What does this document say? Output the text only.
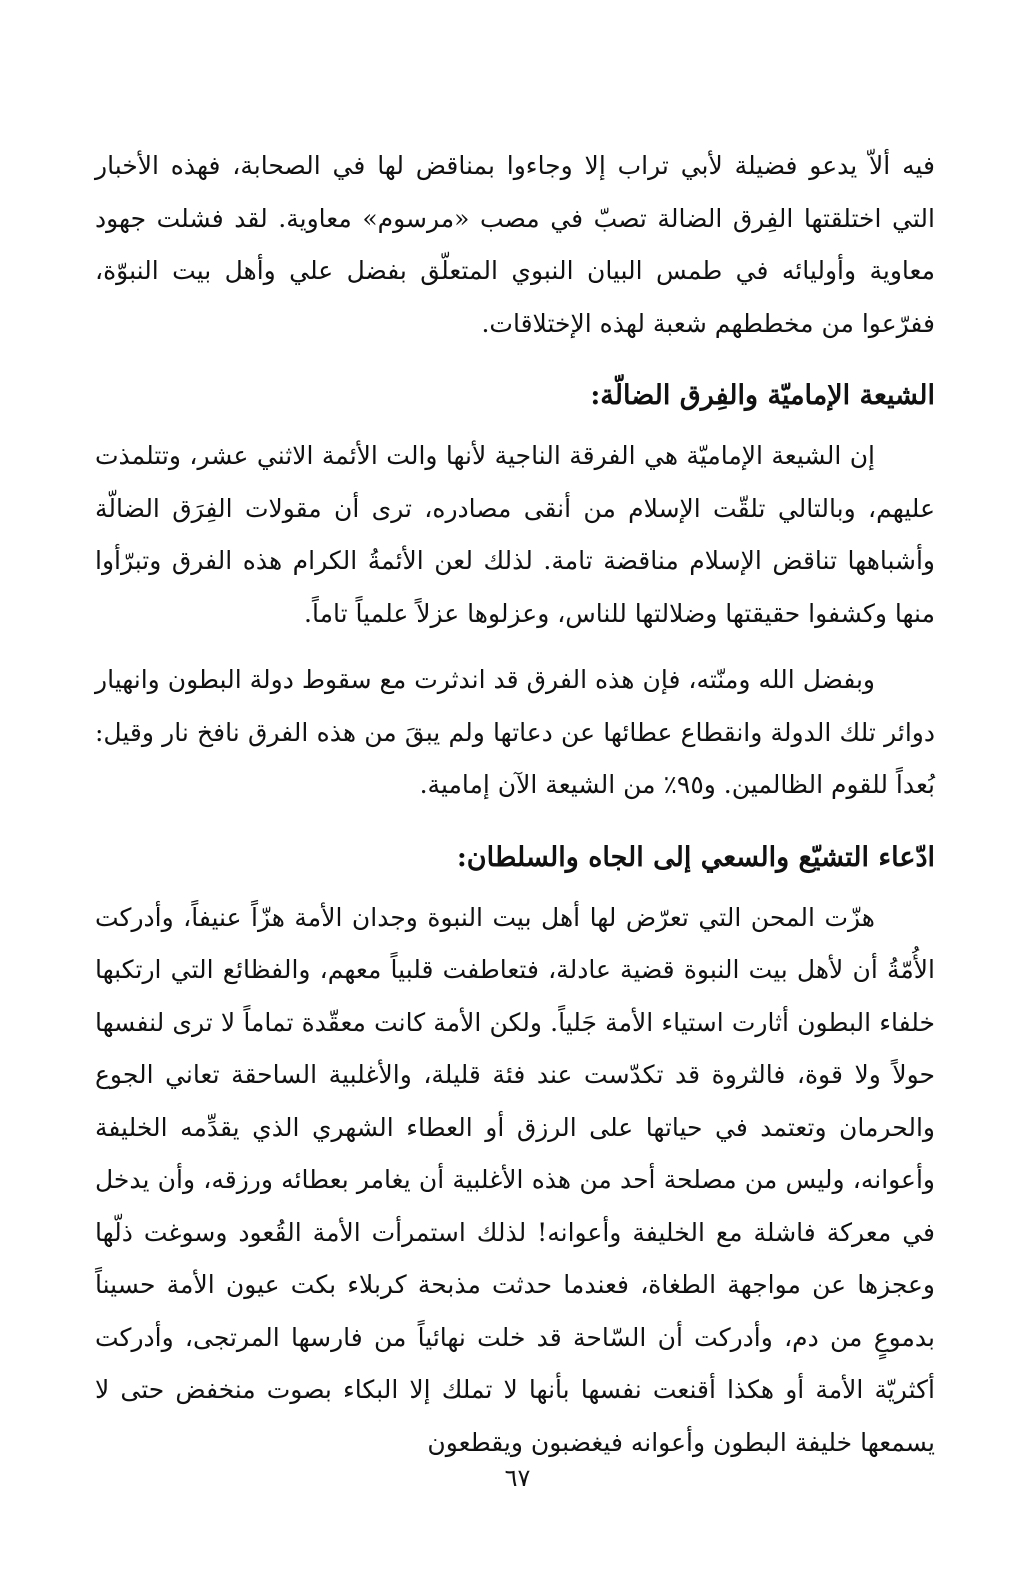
فيه ألاّ يدعو فضيلة لأبي تراب إلا وجاءوا بمناقض لها في الصحابة، فهذه الأخبار التي اختلقتها الفِرق الضالة تصبّ في مصب «مرسوم» معاوية. لقد فشلت جهود معاوية وأوليائه في طمس البيان النبوي المتعلّق بفضل علي وأهل بيت النبوّة، ففرّعوا من مخططهم شعبة لهذه الإختلاقات.

الشيعة الإماميّة والفِرق الضالّة:

إن الشيعة الإماميّة هي الفرقة الناجية لأنها والت الأئمة الاثني عشر، وتتلمذت عليهم، وبالتالي تلقّت الإسلام من أنقى مصادره، ترى أن مقولات الفِرَق الضالّة وأشباهها تناقض الإسلام مناقضة تامة. لذلك لعن الأئمةُ الكرام هذه الفرق وتبرّأوا منها وكشفوا حقيقتها وضلالتها للناس، وعزلوها عزلاً علمياً تاماً.

وبفضل الله ومنّته، فإن هذه الفرق قد اندثرت مع سقوط دولة البطون وانهيار دوائر تلك الدولة وانقطاع عطائها عن دعاتها ولم يبقَ من هذه الفرق نافخ نار وقيل: بُعداً للقوم الظالمين. و٩٥٪ من الشيعة الآن إمامية.

ادّعاء التشيّع والسعي إلى الجاه والسلطان:

هزّت المحن التي تعرّض لها أهل بيت النبوة وجدان الأمة هزّاً عنيفاً، وأدركت الأُمّةُ أن لأهل بيت النبوة قضية عادلة، فتعاطفت قلبياً معهم، والفظائع التي ارتكبها خلفاء البطون أثارت استياء الأمة جَلياً. ولكن الأمة كانت معقّدة تماماً لا ترى لنفسها حولاً ولا قوة، فالثروة قد تكدّست عند فئة قليلة، والأغلبية الساحقة تعاني الجوع والحرمان وتعتمد في حياتها على الرزق أو العطاء الشهري الذي يقدِّمه الخليفة وأعوانه، وليس من مصلحة أحد من هذه الأغلبية أن يغامر بعطائه ورزقه، وأن يدخل في معركة فاشلة مع الخليفة وأعوانه! لذلك استمرأت الأمة القُعود وسوغت ذلّها وعجزها عن مواجهة الطغاة، فعندما حدثت مذبحة كربلاء بكت عيون الأمة حسيناً بدموعٍ من دم، وأدركت أن السّاحة قد خلت نهائياً من فارسها المرتجى، وأدركت أكثريّة الأمة أو هكذا أقنعت نفسها بأنها لا تملك إلا البكاء بصوت منخفض حتى لا يسمعها خليفة البطون وأعوانه فيغضبون ويقطعون

٦٧
